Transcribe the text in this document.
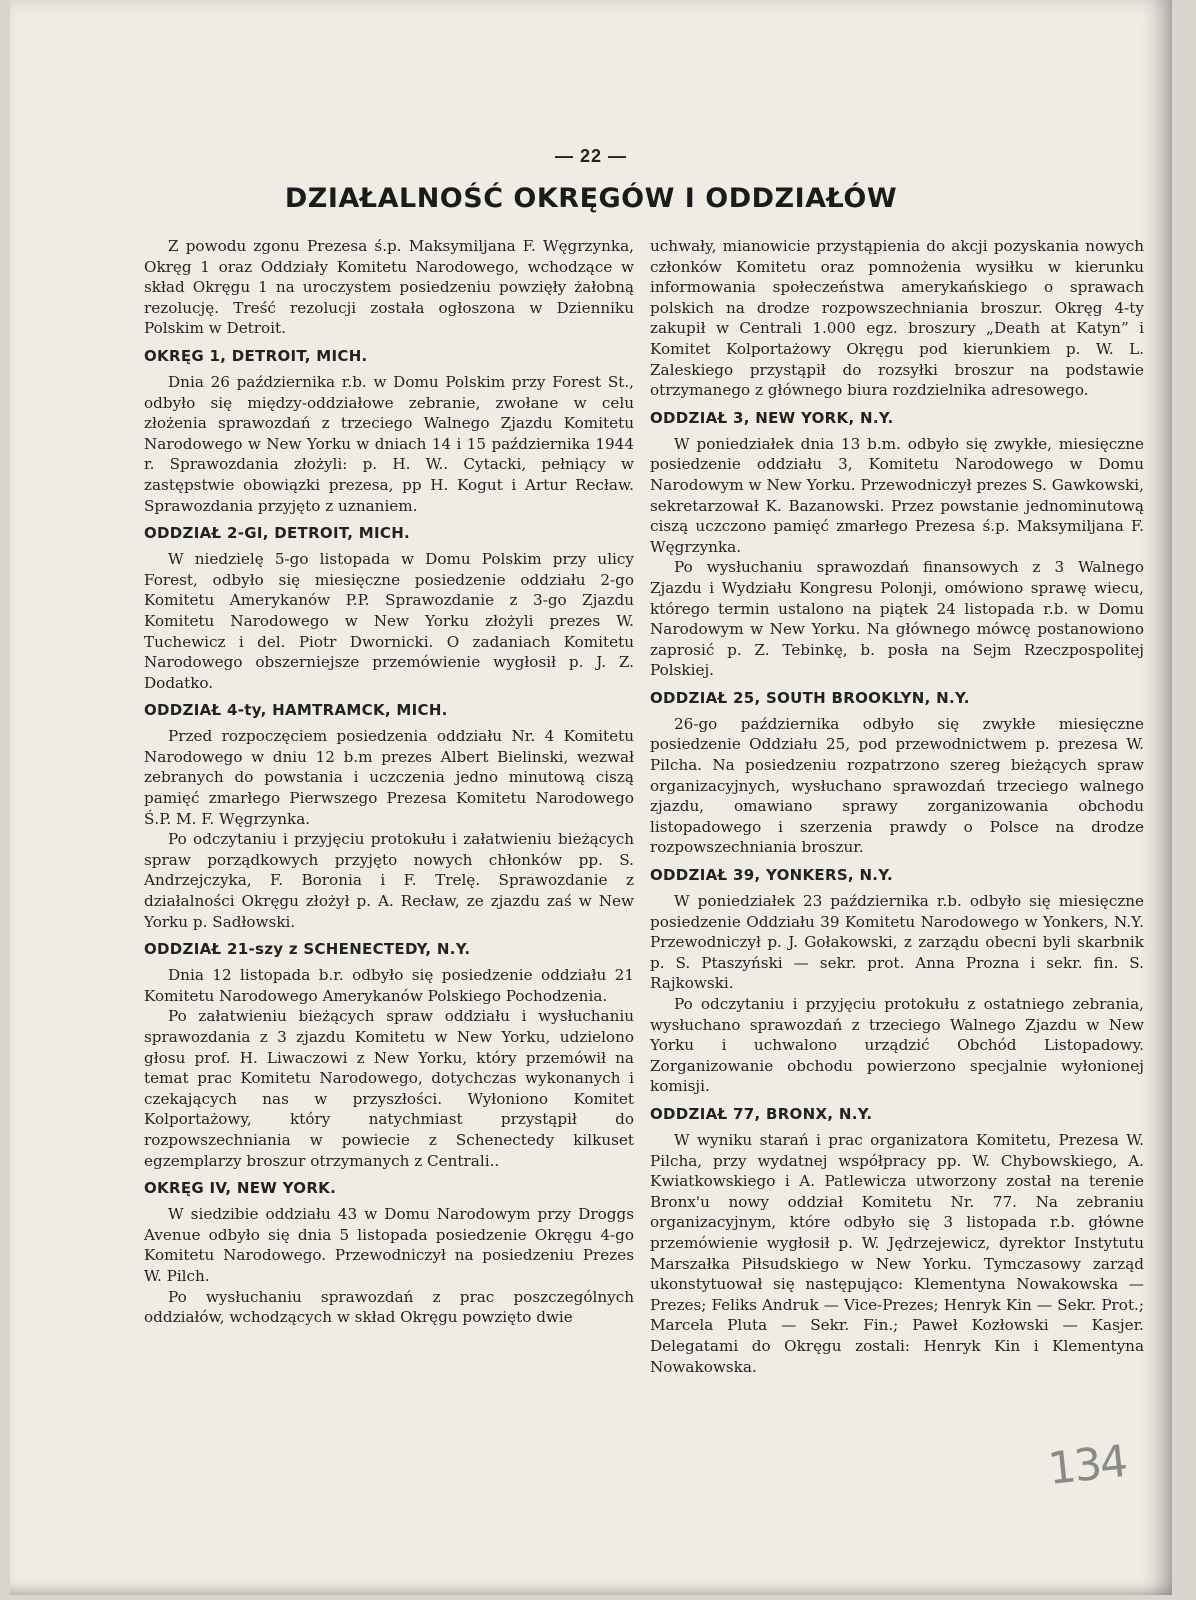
— 22 —
DZIAŁALNOŚĆ OKRĘGÓW I ODDZIAŁÓW

Z powodu zgonu Prezesa ś.p. Maksymiljana F. Węgrzynka, Okręg 1 oraz Oddziały Komitetu Narodowego, wchodzące w skład Okręgu 1 na uroczystem posiedzeniu powzięły żałobną rezolucję. Treść rezolucji została ogłoszona w Dzienniku Polskim w Detroit.

OKRĘG 1, DETROIT, MICH.

Dnia 26 października r.b. w Domu Polskim przy Forest St., odbyło się między-oddziałowe zebranie, zwołane w celu złożenia sprawozdań z trzeciego Walnego Zjazdu Komitetu Narodowego w New Yorku w dniach 14 i 15 października 1944 r. Sprawozdania złożyli: p. H. W.. Cytacki, pełniący w zastępstwie obowiązki prezesa, pp H. Kogut i Artur Recław. Sprawozdania przyjęto z uznaniem.

ODDZIAŁ 2-GI, DETROIT, MICH.

W niedzielę 5-go listopada w Domu Polskim przy ulicy Forest, odbyło się miesięczne posiedzenie oddziału 2-go Komitetu Amerykanów P.P. Sprawozdanie z 3-go Zjazdu Komitetu Narodowego w New Yorku złożyli prezes W. Tuchewicz i del. Piotr Dwornicki. O zadaniach Komitetu Narodowego obszerniejsze przemówienie wygłosił p. J. Z. Dodatko.

ODDZIAŁ 4-ty, HAMTRAMCK, MICH.

Przed rozpoczęciem posiedzenia oddziału Nr. 4 Komitetu Narodowego w dniu 12 b.m prezes Albert Bielinski, wezwał zebranych do powstania i uczczenia jedno minutową ciszą pamięć zmarłego Pierwszego Prezesa Komitetu Narodowego Ś.P. M. F. Węgrzynka.

Po odczytaniu i przyjęciu protokułu i załatwieniu bieżących spraw porządkowych przyjęto nowych chłonków pp. S. Andrzejczyka, F. Boronia i F. Trelę. Sprawozdanie z działalności Okręgu złożył p. A. Recław, ze zjazdu zaś w New Yorku p. Sadłowski.

ODDZIAŁ 21-szy z SCHENECTEDY, N.Y.

Dnia 12 listopada b.r. odbyło się posiedzenie oddziału 21 Komitetu Narodowego Amerykanów Polskiego Pochodzenia.

Po załatwieniu bieżących spraw oddziału i wysłuchaniu sprawozdania z 3 zjazdu Komitetu w New Yorku, udzielono głosu prof. H. Liwaczowi z New Yorku, który przemówił na temat prac Komitetu Narodowego, dotychczas wykonanych i czekających nas w przyszłości. Wyłoniono Komitet Kolportażowy, który natychmiast przystąpił do rozpowszechniania w powiecie z Schenectedy kilkuset egzemplarzy broszur otrzymanych z Centrali..

OKRĘG IV, NEW YORK.

W siedzibie oddziału 43 w Domu Narodowym przy Droggs Avenue odbyło się dnia 5 listopada posiedzenie Okręgu 4-go Komitetu Narodowego. Przewodniczył na posiedzeniu Prezes W. Pilch.

Po wysłuchaniu sprawozdań z prac poszczególnych oddziałów, wchodzących w skład Okręgu powzięto dwie

uchwały, mianowicie przystąpienia do akcji pozyskania nowych członków Komitetu oraz pomnożenia wysiłku w kierunku informowania społeczeństwa amerykańskiego o sprawach polskich na drodze rozpowszechniania broszur. Okręg 4-ty zakupił w Centrali 1.000 egz. broszury „Death at Katyn” i Komitet Kolportażowy Okręgu pod kierunkiem p. W. L. Zaleskiego przystąpił do rozsyłki broszur na podstawie otrzymanego z głównego biura rozdzielnika adresowego.

ODDZIAŁ 3, NEW YORK, N.Y.

W poniedziałek dnia 13 b.m. odbyło się zwykłe, miesięczne posiedzenie oddziału 3, Komitetu Narodowego w Domu Narodowym w New Yorku. Przewodniczył prezes S. Gawkowski, sekretarzował K. Bazanowski. Przez powstanie jednominutową ciszą uczczono pamięć zmarłego Prezesa ś.p. Maksymiljana F. Węgrzynka.

Po wysłuchaniu sprawozdań finansowych z 3 Walnego Zjazdu i Wydziału Kongresu Polonji, omówiono sprawę wiecu, którego termin ustalono na piątek 24 listopada r.b. w Domu Narodowym w New Yorku. Na głównego mówcę postanowiono zaprosić p. Z. Tebinkę, b. posła na Sejm Rzeczpospolitej Polskiej.

ODDZIAŁ 25, SOUTH BROOKLYN, N.Y.

26-go października odbyło się zwykłe miesięczne posiedzenie Oddziału 25, pod przewodnictwem p. prezesa W. Pilcha. Na posiedzeniu rozpatrzono szereg bieżących spraw organizacyjnych, wysłuchano sprawozdań trzeciego walnego zjazdu, omawiano sprawy zorganizowania obchodu listopadowego i szerzenia prawdy o Polsce na drodze rozpowszechniania broszur.

ODDZIAŁ 39, YONKERS, N.Y.

W poniedziałek 23 października r.b. odbyło się miesięczne posiedzenie Oddziału 39 Komitetu Narodowego w Yonkers, N.Y. Przewodniczył p. J. Gołakowski, z zarządu obecni byli skarbnik p. S. Ptaszyński — sekr. prot. Anna Prozna i sekr. fin. S. Rajkowski.

Po odczytaniu i przyjęciu protokułu z ostatniego zebrania, wysłuchano sprawozdań z trzeciego Walnego Zjazdu w New Yorku i uchwalono urządzić Obchód Listopadowy. Zorganizowanie obchodu powierzono specjalnie wyłonionej komisji.

ODDZIAŁ 77, BRONX, N.Y.

W wyniku starań i prac organizatora Komitetu, Prezesa W. Pilcha, przy wydatnej współpracy pp. W. Chybowskiego, A. Kwiatkowskiego i A. Patlewicza utworzony został na terenie Bronx'u nowy oddział Komitetu Nr. 77. Na zebraniu organizacyjnym, które odbyło się 3 listopada r.b. główne przemówienie wygłosił p. W. Jędrzejewicz, dyrektor Instytutu Marszałka Piłsudskiego w New Yorku. Tymczasowy zarząd ukonstytuował się następująco: Klementyna Nowakowska — Prezes; Feliks Andruk — Vice-Prezes; Henryk Kin — Sekr. Prot.; Marcela Pluta — Sekr. Fin.; Paweł Kozłowski — Kasjer. Delegatami do Okręgu zostali: Henryk Kin i Klementyna Nowakowska.

134
